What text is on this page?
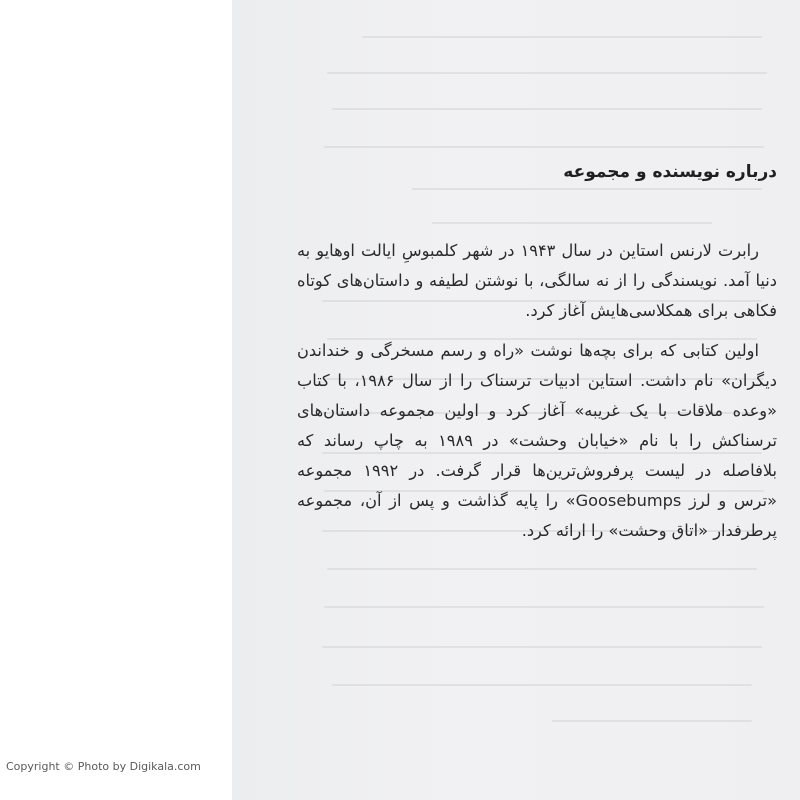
درباره نویسنده و مجموعه

رابرت لارنس استاین در سال ۱۹۴۳ در شهر کلمبوسِ ایالت اوهایو به دنیا آمد. نویسندگی را از نه سالگی، با نوشتن لطیفه و داستان‌های کوتاه فکاهی برای همکلاسی‌هایش آغاز کرد.

اولین کتابی که برای بچه‌ها نوشت «راه و رسم مسخرگی و خنداندن دیگران» نام داشت. استاین ادبیات ترسناک را از سال ۱۹۸۶، با کتاب «وعده ملاقات با یک غریبه» آغاز کرد و اولین مجموعه داستان‌های ترسناکش را با نام «خیابان وحشت» در ۱۹۸۹ به چاپ رساند که بلافاصله در لیست پرفروش‌ترین‌ها قرار گرفت. در ۱۹۹۲ مجموعه «ترس و لرز Goosebumps» را پایه گذاشت و پس از آن، مجموعه پرطرفدار «اتاق وحشت» را ارائه کرد.

Copyright © Photo by Digikala.com
